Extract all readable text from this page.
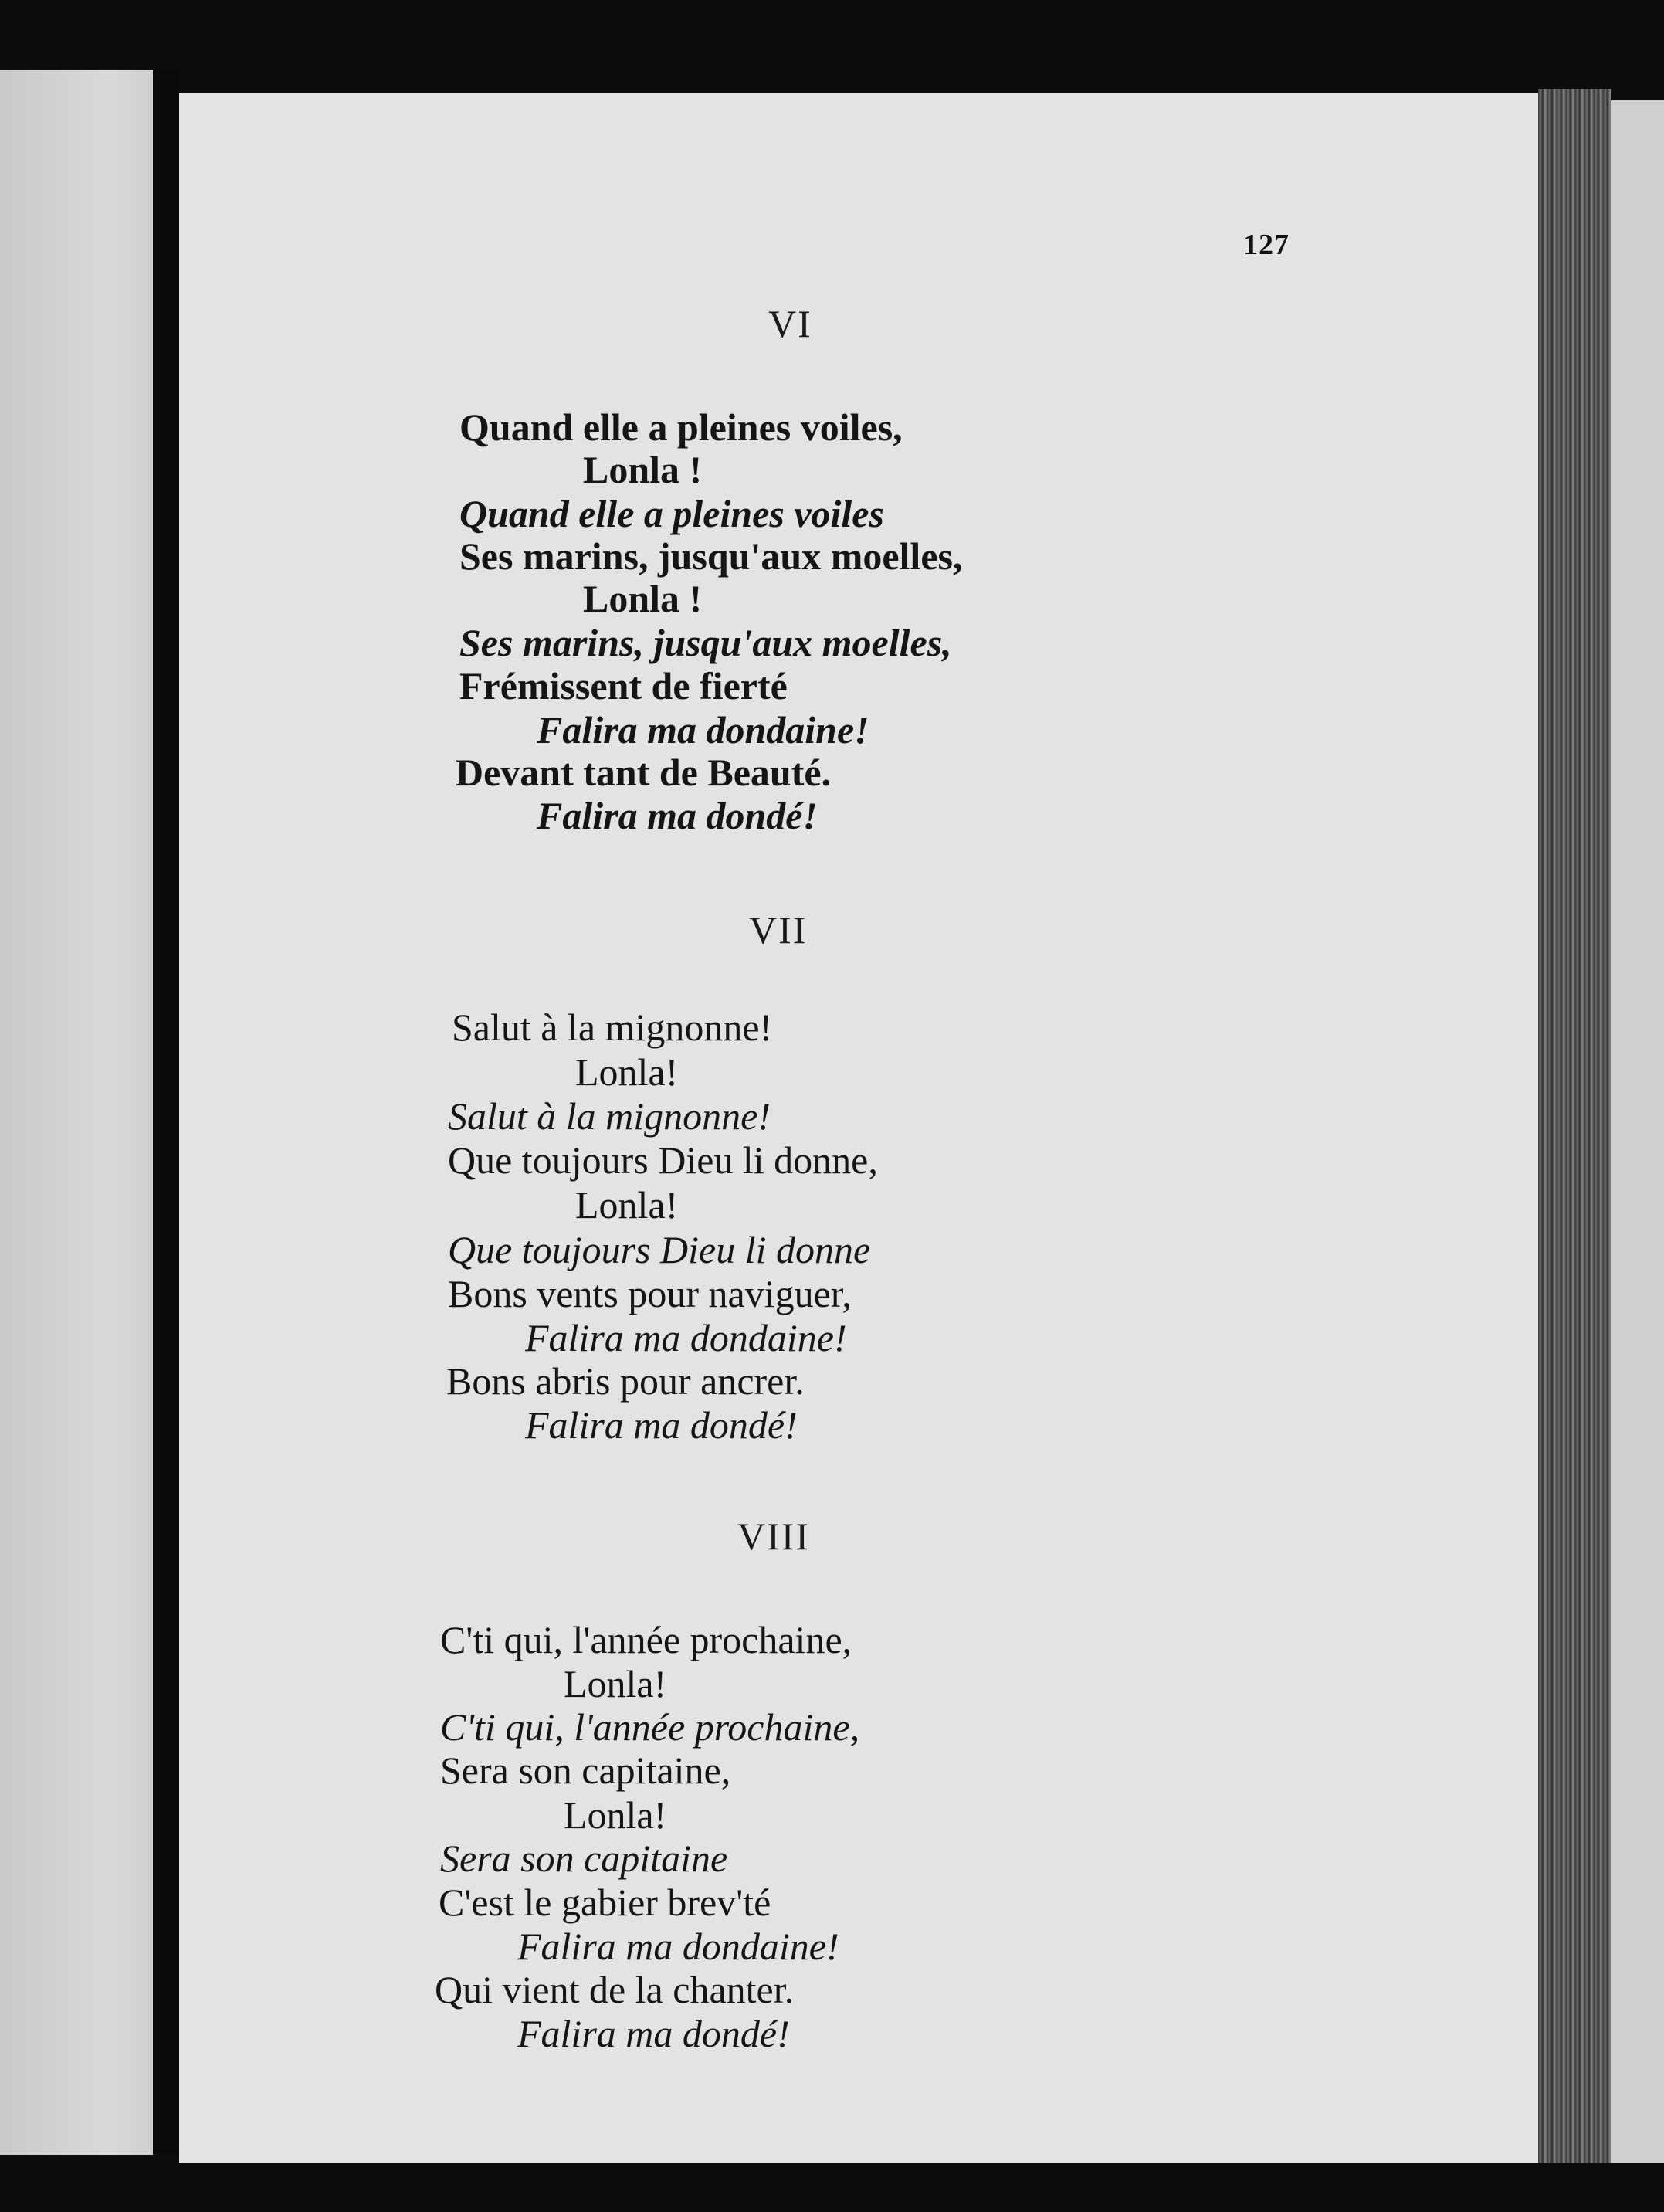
127
VI
Quand elle a pleines voiles,
Lonla !
Quand elle a pleines voiles
Ses marins, jusqu'aux moelles,
Lonla !
Ses marins, jusqu'aux moelles,
Frémissent de fierté
Falira ma dondaine!
Devant tant de Beauté.
Falira ma dondé!
VII
Salut à la mignonne!
Lonla!
Salut à la mignonne!
Que toujours Dieu li donne,
Lonla!
Que toujours Dieu li donne
Bons vents pour naviguer,
Falira ma dondaine!
Bons abris pour ancrer.
Falira ma dondé!
VIII
C'ti qui, l'année prochaine,
Lonla!
C'ti qui, l'année prochaine,
Sera son capitaine,
Lonla!
Sera son capitaine
C'est le gabier brev'té
Falira ma dondaine!
Qui vient de la chanter.
Falira ma dondé!
